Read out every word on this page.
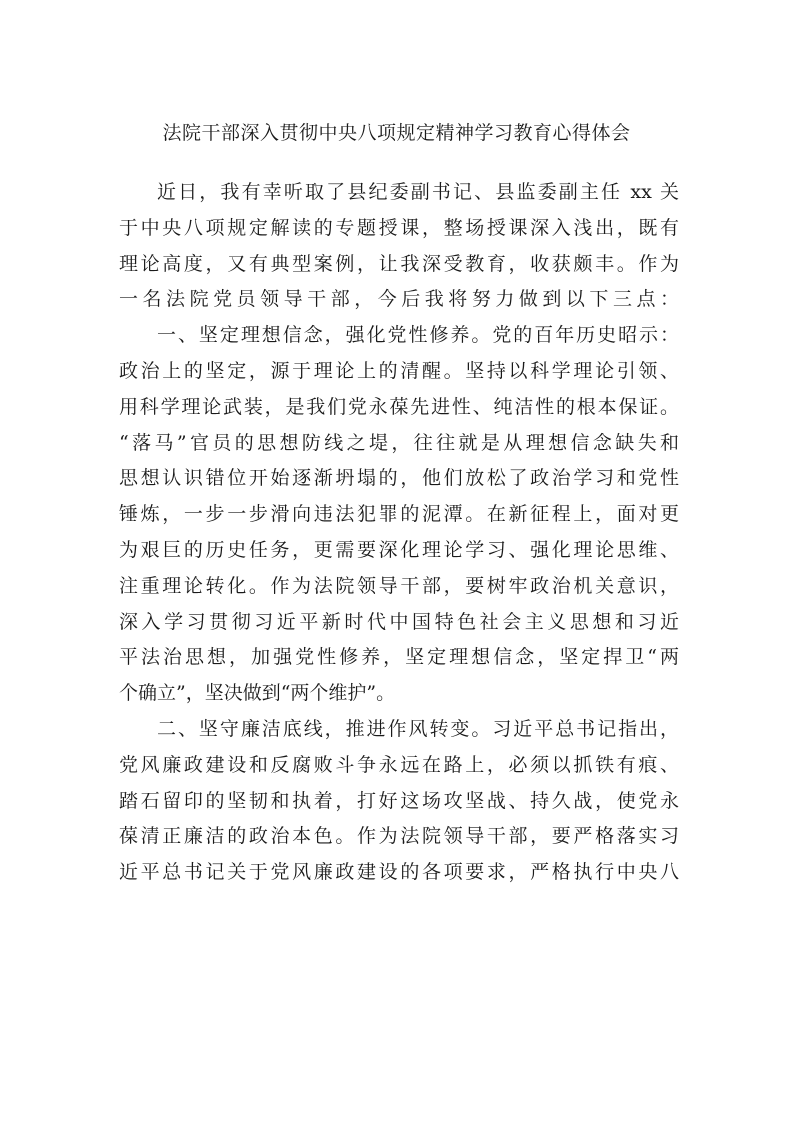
法院干部深入贯彻中央八项规定精神学习教育心得体会
近日，我有幸听取了县纪委副书记、县监委副主任 xx 关
于中央八项规定解读的专题授课，整场授课深入浅出，既有
理论高度，又有典型案例，让我深受教育，收获颇丰。作为
一名法院党员领导干部，今后我将努力做到以下三点：
一、坚定理想信念，强化党性修养。党的百年历史昭示：
政治上的坚定，源于理论上的清醒。坚持以科学理论引领、
用科学理论武装，是我们党永葆先进性、纯洁性的根本保证。
“落马”官员的思想防线之堤，往往就是从理想信念缺失和
思想认识错位开始逐渐坍塌的，他们放松了政治学习和党性
锤炼，一步一步滑向违法犯罪的泥潭。在新征程上，面对更
为艰巨的历史任务，更需要深化理论学习、强化理论思维、
注重理论转化。作为法院领导干部，要树牢政治机关意识，
深入学习贯彻习近平新时代中国特色社会主义思想和习近
平法治思想，加强党性修养，坚定理想信念，坚定捍卫“两
个确立”，坚决做到“两个维护”。
二、坚守廉洁底线，推进作风转变。习近平总书记指出，
党风廉政建设和反腐败斗争永远在路上，必须以抓铁有痕、
踏石留印的坚韧和执着，打好这场攻坚战、持久战，使党永
葆清正廉洁的政治本色。作为法院领导干部，要严格落实习
近平总书记关于党风廉政建设的各项要求，严格执行中央八
